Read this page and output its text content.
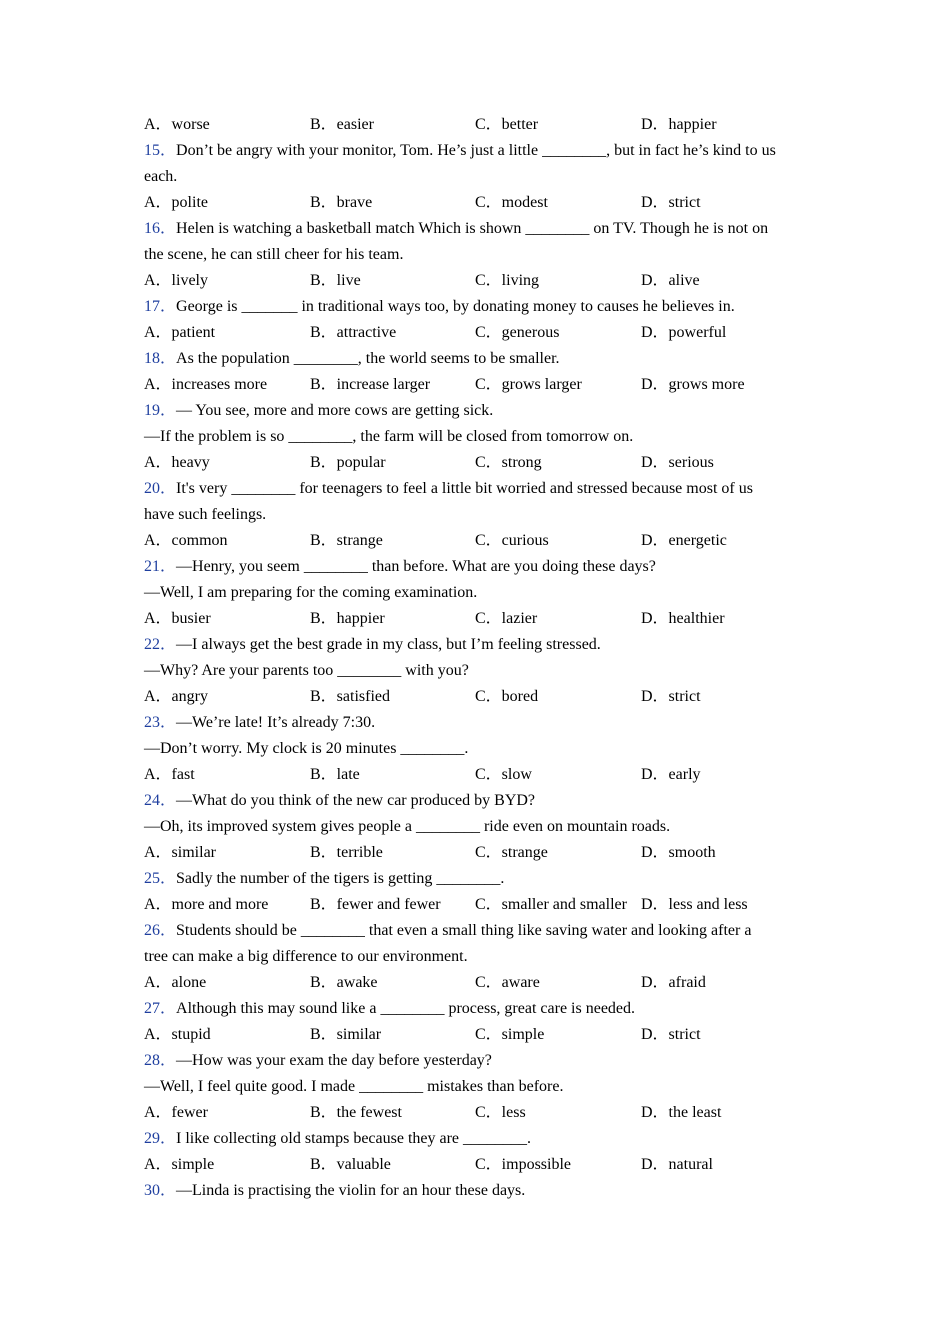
A．worse	B．easier	C．better	D．happier
15．Don’t be angry with your monitor, Tom. He’s just a little ________, but in fact he’s kind to us
each.
A．polite	B．brave	C．modest	D．strict
16．Helen is watching a basketball match Which is shown ________ on TV. Though he is not on
the scene, he can still cheer for his team.
A．lively	B．live	C．living	D．alive
17．George is _______ in traditional ways too, by donating money to causes he believes in.
A．patient	B．attractive	C．generous	D．powerful
18．As the population ________, the world seems to be smaller.
A．increases more	B．increase larger	C．grows larger	D．grows more
19．— You see, more and more cows are getting sick.
—If the problem is so ________, the farm will be closed from tomorrow on.
A．heavy	B．popular	C．strong	D．serious
20．It's very ________ for teenagers to feel a little bit worried and stressed because most of us
have such feelings.
A．common	B．strange	C．curious	D．energetic
21．—Henry, you seem ________ than before. What are you doing these days?
—Well, I am preparing for the coming examination.
A．busier	B．happier	C．lazier	D．healthier
22．—I always get the best grade in my class, but I’m feeling stressed.
—Why? Are your parents too ________ with you?
A．angry	B．satisfied	C．bored	D．strict
23．—We’re late! It’s already 7:30.
—Don’t worry. My clock is 20 minutes ________.
A．fast	B．late	C．slow	D．early
24．—What do you think of the new car produced by BYD?
—Oh, its improved system gives people a ________ ride even on mountain roads.
A．similar	B．terrible	C．strange	D．smooth
25．Sadly the number of the tigers is getting ________.
A．more and more	B．fewer and fewer C．smaller and smaller D．less and less
26．Students should be ________ that even a small thing like saving water and looking after a
tree can make a big difference to our environment.
A．alone	B．awake	C．aware	D．afraid
27．Although this may sound like a ________ process, great care is needed.
A．stupid	B．similar	C．simple	D．strict
28．—How was your exam the day before yesterday?
—Well, I feel quite good. I made ________ mistakes than before.
A．fewer	B．the fewest	C．less	D．the least
29．I like collecting old stamps because they are ________.
A．simple	B．valuable	C．impossible	D．natural
30．—Linda is practising the violin for an hour these days.
